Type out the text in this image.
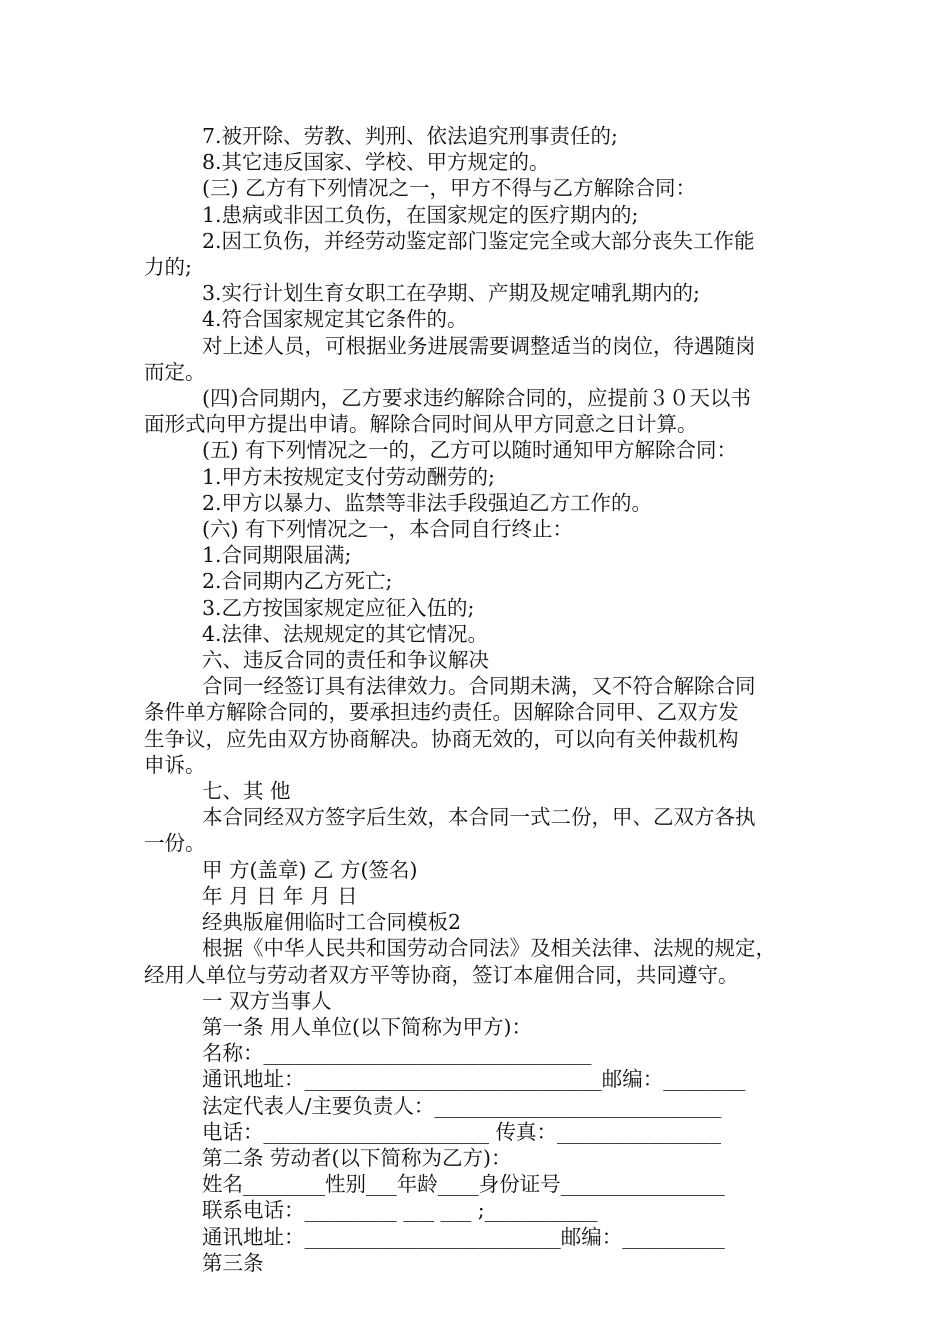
7.被开除、劳教、判刑、依法追究刑事责任的;
8.其它违反国家、学校、甲方规定的。
(三) 乙方有下列情况之一，甲方不得与乙方解除合同：
1.患病或非因工负伤，在国家规定的医疗期内的;
2.因工负伤，并经劳动鉴定部门鉴定完全或大部分丧失工作能
力的;
3.实行计划生育女职工在孕期、产期及规定哺乳期内的;
4.符合国家规定其它条件的。
对上述人员，可根据业务进展需要调整适当的岗位，待遇随岗
而定。
(四)合同期内，乙方要求违约解除合同的，应提前３０天以书
面形式向甲方提出申请。解除合同时间从甲方同意之日计算。
(五) 有下列情况之一的，乙方可以随时通知甲方解除合同：
1.甲方未按规定支付劳动酬劳的;
2.甲方以暴力、监禁等非法手段强迫乙方工作的。
(六) 有下列情况之一，本合同自行终止：
1.合同期限届满;
2.合同期内乙方死亡;
3.乙方按国家规定应征入伍的;
4.法律、法规规定的其它情况。
六、违反合同的责任和争议解决
合同一经签订具有法律效力。合同期未满，又不符合解除合同
条件单方解除合同的，要承担违约责任。因解除合同甲、乙双方发
生争议，应先由双方协商解决。协商无效的，可以向有关仲裁机构
申诉。
七、其 他
本合同经双方签字后生效，本合同一式二份，甲、乙双方各执
一份。
甲 方(盖章) 乙 方(签名)
年 月 日 年 月 日
经典版雇佣临时工合同模板2
根据《中华人民共和国劳动合同法》及相关法律、法规的规定，
经用人单位与劳动者双方平等协商，签订本雇佣合同，共同遵守。
一 双方当事人
第一条 用人单位(以下简称为甲方)：
名称：________________________________
通讯地址：_____________________________邮编：________
法定代表人/主要负责人：____________________________
电话：______________________ 传真：________________
第二条 劳动者(以下简称为乙方)：
姓名________性别___年龄____身份证号________________
联系电话：_________ ___ ___ ;___________
通讯地址：_________________________邮编：__________
第三条
